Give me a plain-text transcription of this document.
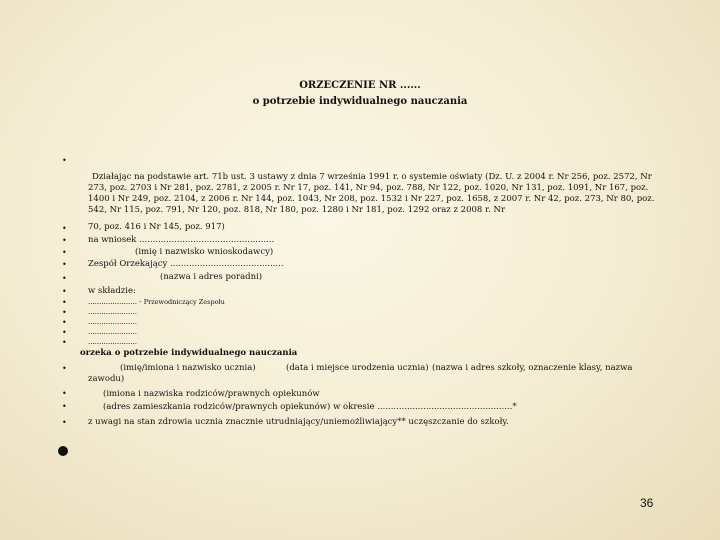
ORZECZENIE NR ......
o potrzebie indywidualnego nauczania
•
•
•
•
•
•
•
•
•
•
•
•
•
•
•
•
Działając na podstawie art. 71b ust. 3 ustawy z dnia 7 września 1991 r. o systemie oświaty (Dz. U. z 2004 r. Nr 256, poz. 2572, Nr 273, poz. 2703 i Nr 281, poz. 2781, z 2005 r. Nr 17, poz. 141, Nr 94, poz. 788, Nr 122, poz. 1020, Nr 131, poz. 1091, Nr 167, poz. 1400 i Nr 249, poz. 2104, z 2006 r. Nr 144, poz. 1043, Nr 208, poz. 1532 i Nr 227, poz. 1658, z 2007 r. Nr 42, poz. 273, Nr 80, poz. 542, Nr 115, poz. 791, Nr 120, poz. 818, Nr 180, poz. 1280 i Nr 181, poz. 1292 oraz z 2008 r. Nr
70, poz. 416 i Nr 145, poz. 917)
na wniosek ..................................................
(imię i nazwisko wnioskodawcy)
Zespół Orzekający ..........................................
(nazwa i adres poradni)
w składzie:
...................... - Przewodniczący Zespołu
......................
......................
......................
......................
orzeka o potrzebie indywidualnego nauczania
(imię/imiona i nazwisko ucznia)	(data i miejsce urodzenia ucznia) (nazwa i adres szkoły, oznaczenie klasy, nazwa zawodu)
(imiona i nazwiska rodziców/prawnych opiekunów
(adres zamieszkania rodziców/prawnych opiekunów) w okresie ..................................................*
z uwagi na stan zdrowia ucznia znacznie utrudniający/uniemożliwiający** uczęszczanie do szkoły.
36
